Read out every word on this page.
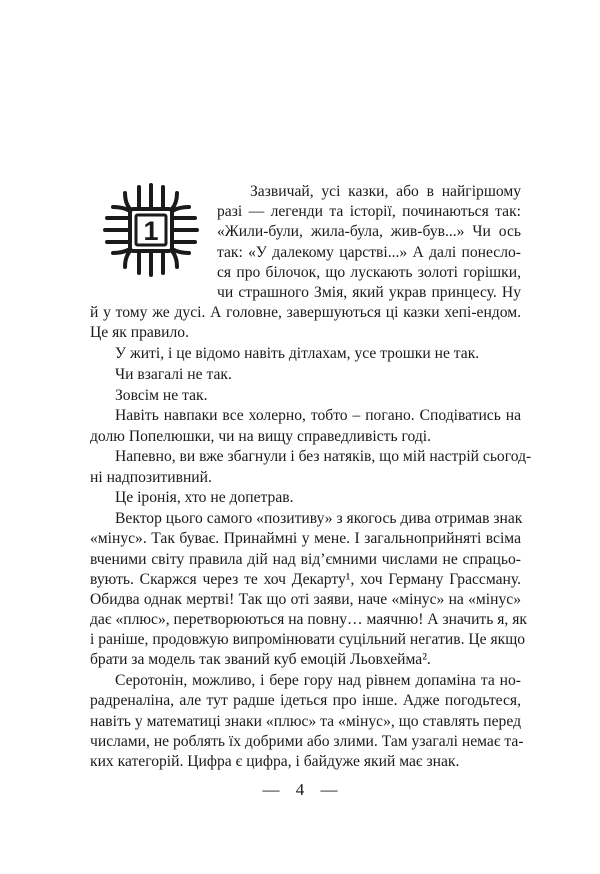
1
Зазвичай, усі казки, або в найгіршому
разі — легенди та історії, починаються так:
«Жили-були, жила-була, жив-був...» Чи ось
так: «У далекому царстві...» А далі понесло-
ся про білочок, що лускають золоті горішки,
чи страшного Змія, який украв принцесу. Ну
й у тому же дусі. А головне, завершуються ці казки хепі-ендом.
Це як правило.
У житі, і це відомо навіть дітлахам, усе трошки не так.
Чи взагалі не так.
Зовсім не так.
Навіть навпаки все холерно, тобто – погано. Сподіватись на
долю Попелюшки, чи на вищу справедливість годі.
Напевно, ви вже збагнули і без натяків, що мій настрій сьогод-
ні надпозитивний.
Це іронія, хто не допетрав.
Вектор цього самого «позитиву» з якогось дива отримав знак
«мінус». Так буває. Принаймні у мене. І загальноприйняті всіма
вченими світу правила дій над від’ємними числами не спрацьо-
вують. Скаржся через те хоч Декарту¹, хоч Герману Грассману.
Обидва однак мертві! Так що оті заяви, наче «мінус» на «мінус»
дає «плюс», перетворюються на повну… маячню! А значить я, як
і раніше, продовжую випромінювати суцільний негатив. Це якщо
брати за модель так званий куб емоцій Льовхейма².
Серотонін, можливо, і бере гору над рівнем допаміна та но-
радреналіна, але тут радше ідеться про інше. Адже погодьтеся,
навіть у математиці знаки «плюс» та «мінус», що ставлять перед
числами, не роблять їх добрими або злими. Там узагалі немає та-
ких категорій. Цифра є цифра, і байдуже який має знак.
— 4 —
